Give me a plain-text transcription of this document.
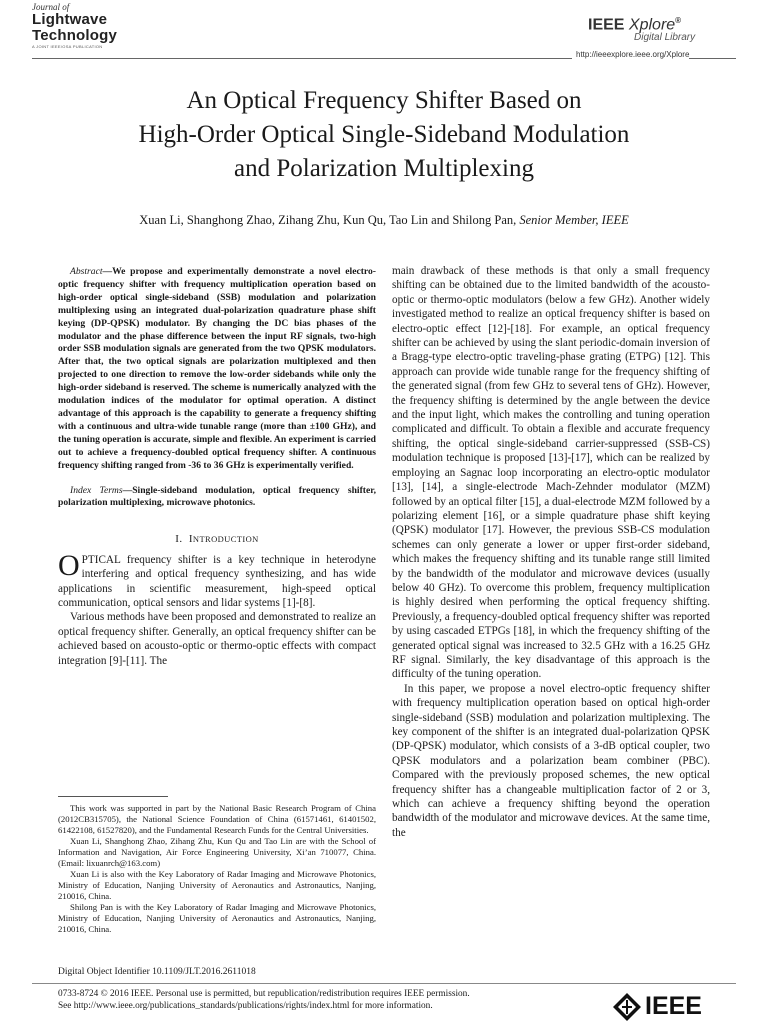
Journal of
Lightwave
Technology
A JOINT IEEE/OSA PUBLICATION
IEEE Xplore®
Digital Library
http://ieeexplore.ieee.org/Xplore
An Optical Frequency Shifter Based on
High-Order Optical Single-Sideband Modulation
and Polarization Multiplexing
Xuan Li, Shanghong Zhao, Zihang Zhu, Kun Qu, Tao Lin and Shilong Pan, Senior Member, IEEE

Abstract—We propose and experimentally demonstrate a novel electro-optic frequency shifter with frequency multiplication operation based on high-order optical single-sideband (SSB) modulation and polarization multiplexing using an integrated dual-polarization quadrature phase shift keying (DP-QPSK) modulator. By changing the DC bias phases of the modulator and the phase difference between the input RF signals, two-high order SSB modulation signals are generated from the two QPSK modulators. After that, the two optical signals are polarization multiplexed and then projected to one direction to remove the low-order sidebands while only the high-order sideband is reserved. The scheme is numerically analyzed with the modulation indices of the modulator for optimal operation. A distinct advantage of this approach is the capability to generate a frequency shifting with a continuous and ultra-wide tunable range (more than ±100 GHz), and the tuning operation is accurate, simple and flexible. An experiment is carried out to achieve a frequency-doubled optical frequency shifter. A continuous frequency shifting ranged from -36 to 36 GHz is experimentally verified.

Index Terms—Single-sideband modulation, optical frequency shifter, polarization multiplexing, microwave photonics.

I. INTRODUCTION

OPTICAL frequency shifter is a key technique in heterodyne interfering and optical frequency synthesizing, and has wide applications in scientific measurement, high-speed optical communication, optical sensors and lidar systems [1]-[8].

Various methods have been proposed and demonstrated to realize an optical frequency shifter. Generally, an optical frequency shifter can be achieved based on acousto-optic or thermo-optic effects with compact integration [9]-[11]. The

This work was supported in part by the National Basic Research Program of China (2012CB315705), the National Science Foundation of China (61571461, 61401502, 61422108, 61527820), and the Fundamental Research Funds for the Central Universities.

Xuan Li, Shanghong Zhao, Zihang Zhu, Kun Qu and Tao Lin are with the School of Information and Navigation, Air Force Engineering University, Xi’an 710077, China. (Email: lixuanrch@163.com)

Xuan Li is also with the Key Laboratory of Radar Imaging and Microwave Photonics, Ministry of Education, Nanjing University of Aeronautics and Astronautics, Nanjing, 210016, China.

Shilong Pan is with the Key Laboratory of Radar Imaging and Microwave Photonics, Ministry of Education, Nanjing University of Aeronautics and Astronautics, Nanjing, 210016, China.

Digital Object Identifier 10.1109/JLT.2016.2611018

main drawback of these methods is that only a small frequency shifting can be obtained due to the limited bandwidth of the acousto-optic or thermo-optic modulators (below a few GHz). Another widely investigated method to realize an optical frequency shifter is based on electro-optic effect [12]-[18]. For example, an optical frequency shifter can be achieved by using the slant periodic-domain inversion of a Bragg-type electro-optic traveling-phase grating (ETPG) [12]. This approach can provide wide tunable range for the frequency shifting of the generated signal (from few GHz to several tens of GHz). However, the frequency shifting is determined by the angle between the device and the input light, which makes the controlling and tuning operation complicated and difficult. To obtain a flexible and accurate frequency shifting, the optical single-sideband carrier-suppressed (SSB-CS) modulation technique is proposed [13]-[17], which can be realized by employing an Sagnac loop incorporating an electro-optic modulator [13], [14], a single-electrode Mach-Zehnder modulator (MZM) followed by an optical filter [15], a dual-electrode MZM followed by a polarizing element [16], or a simple quadrature phase shift keying (QPSK) modulator [17]. However, the previous SSB-CS modulation schemes can only generate a lower or upper first-order sideband, which makes the frequency shifting and its tunable range still limited by the bandwidth of the modulator and microwave devices (usually below 40 GHz). To overcome this problem, frequency multiplication is highly desired when performing the optical frequency shifting. Previously, a frequency-doubled optical frequency shifter was reported by using cascaded ETPGs [18], in which the frequency shifting of the generated optical signal was increased to 32.5 GHz with a 16.25 GHz RF signal. Similarly, the key disadvantage of this approach is the difficulty of the tuning operation.

In this paper, we propose a novel electro-optic frequency shifter with frequency multiplication operation based on optical high-order single-sideband (SSB) modulation and polarization multiplexing. The key component of the shifter is an integrated dual-polarization QPSK (DP-QPSK) modulator, which consists of a 3-dB optical coupler, two QPSK modulators and a polarization beam combiner (PBC). Compared with the previously proposed schemes, the new optical frequency shifter has a changeable multiplication factor of 2 or 3, which can achieve a frequency shifting beyond the operation bandwidth of the modulator and microwave devices. At the same time, the

0733-8724 © 2016 IEEE. Personal use is permitted, but republication/redistribution requires IEEE permission.
See http://www.ieee.org/publications_standards/publications/rights/index.html for more information.	IEEE
